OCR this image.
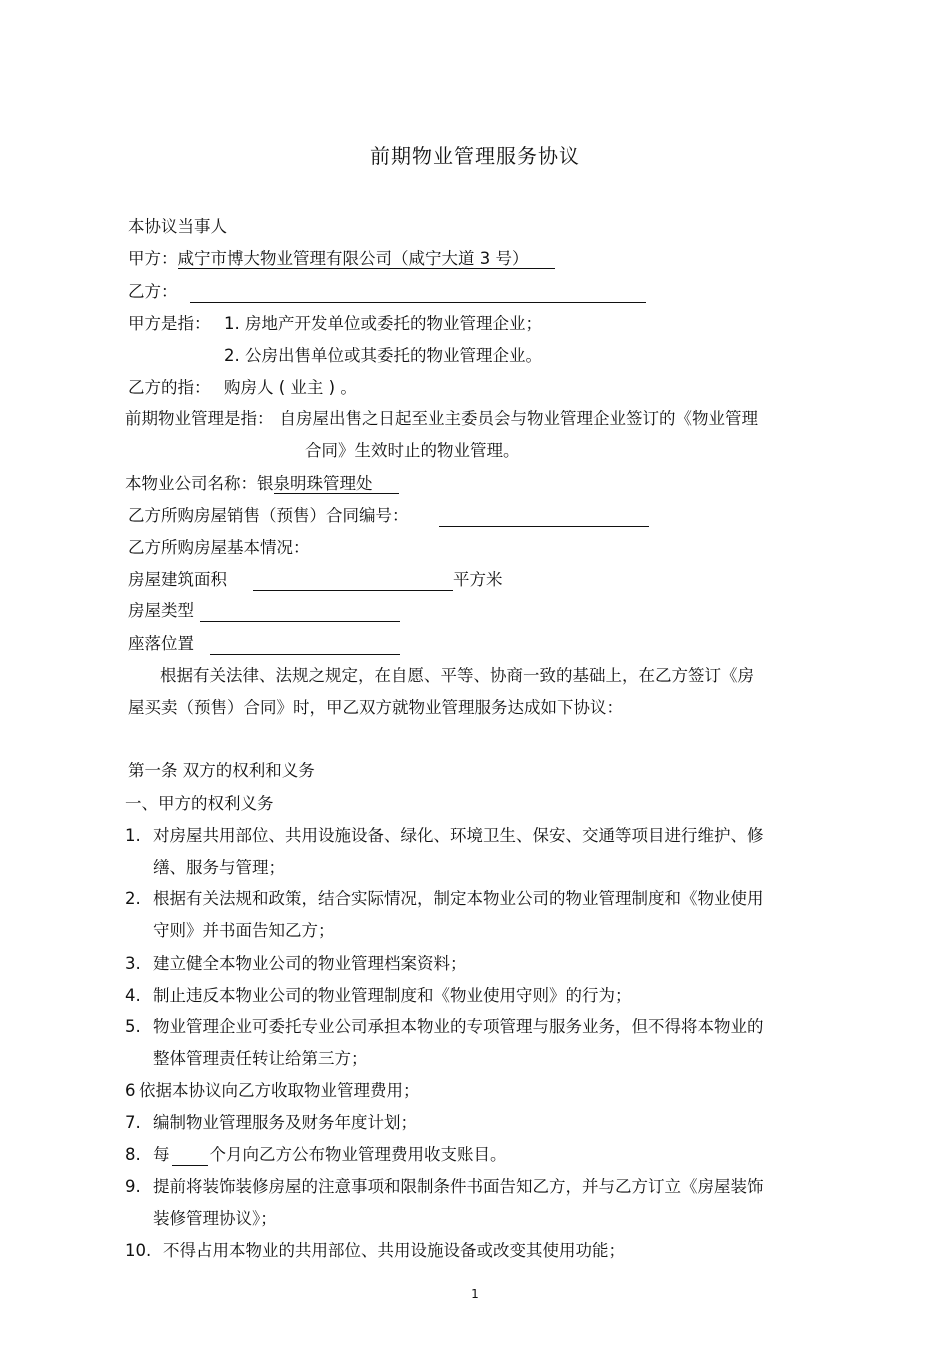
前期物业管理服务协议
本协议当事人
甲方：咸宁市博大物业管理有限公司（咸宁大道 3 号）
乙方：
甲方是指： 1. 房地产开发单位或委托的物业管理企业；
2. 公房出售单位或其委托的物业管理企业。
乙方的指： 购房人 ( 业主 ) 。
前期物业管理是指： 自房屋出售之日起至业主委员会与物业管理企业签订的《物业管理
合同》生效时止的物业管理。
本物业公司名称：银泉明珠管理处
乙方所购房屋销售（预售）合同编号：
乙方所购房屋基本情况：
房屋建筑面积	平方米
房屋类型
座落位置
根据有关法律、法规之规定，在自愿、平等、协商一致的基础上，在乙方签订《房
屋买卖（预售）合同》时，甲乙双方就物业管理服务达成如下协议：
第一条 双方的权利和义务
一、甲方的权利义务
1. 对房屋共用部位、共用设施设备、绿化、环境卫生、保安、交通等项目进行维护、修
缮、服务与管理；
2. 根据有关法规和政策，结合实际情况，制定本物业公司的物业管理制度和《物业使用
守则》并书面告知乙方；
3. 建立健全本物业公司的物业管理档案资料；
4. 制止违反本物业公司的物业管理制度和《物业使用守则》的行为；
5. 物业管理企业可委托专业公司承担本物业的专项管理与服务业务，但不得将本物业的
整体管理责任转让给第三方；
6 依据本协议向乙方收取物业管理费用；
7. 编制物业管理服务及财务年度计划；
8. 每 个月向乙方公布物业管理费用收支账目。
9. 提前将装饰装修房屋的注意事项和限制条件书面告知乙方，并与乙方订立《房屋装饰
装修管理协议》；
10. 不得占用本物业的共用部位、共用设施设备或改变其使用功能；
1
